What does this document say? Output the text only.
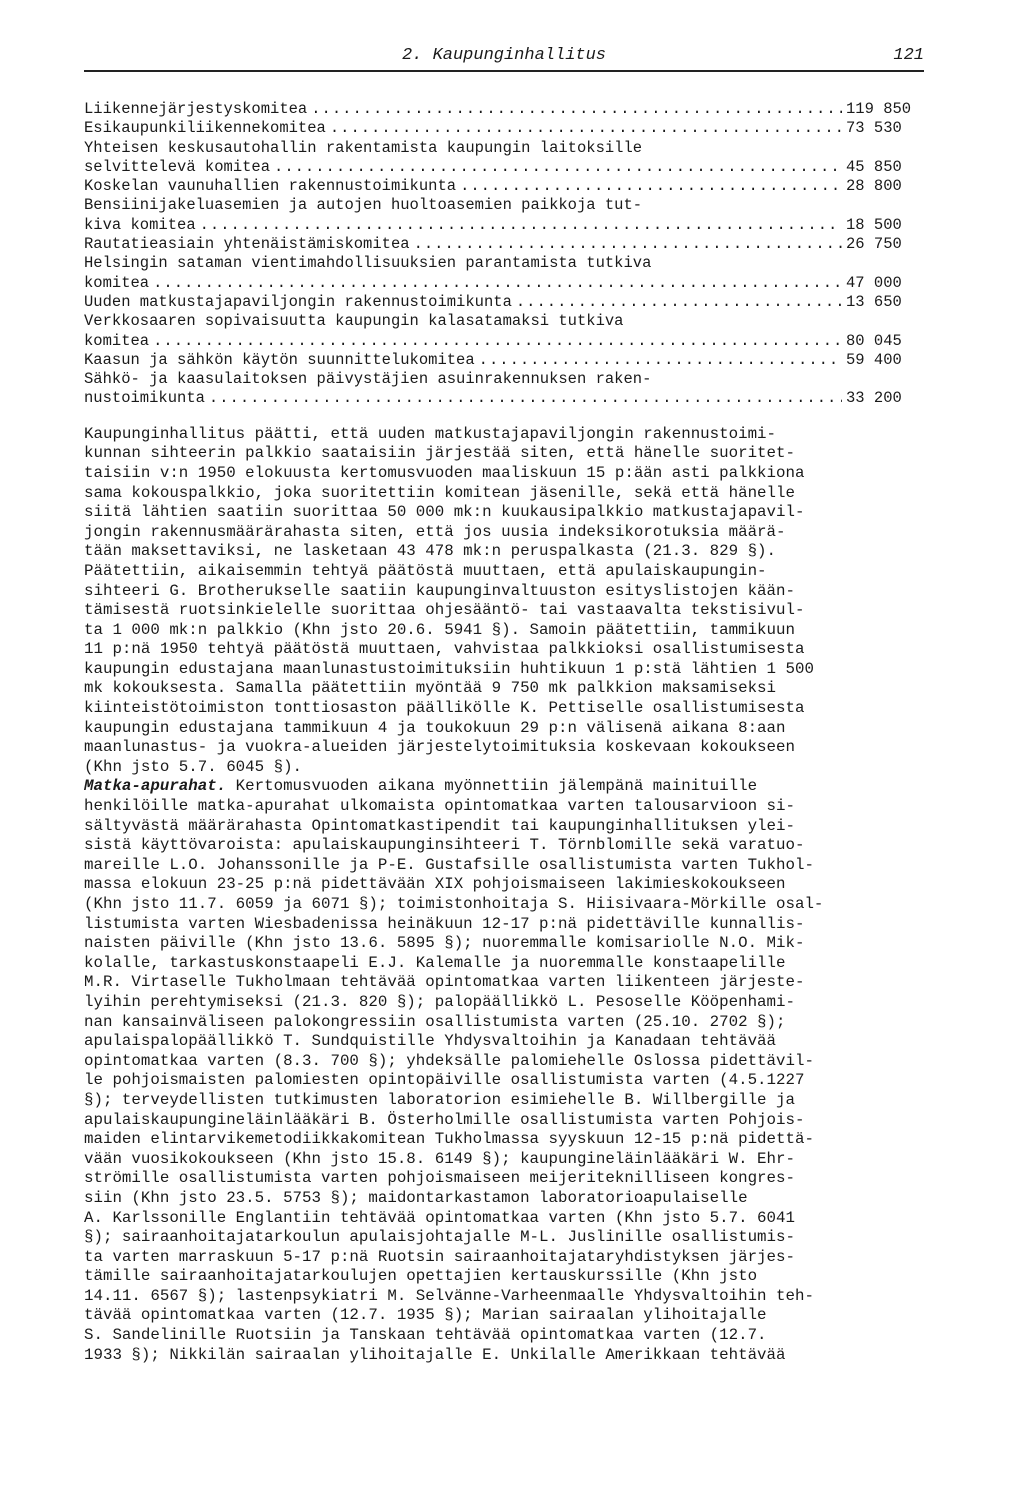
2. Kaupunginhallitus	121
Liikennejärjestyskomitea .....	119 850
Esikaupunkiliikennekomitea .....	73 530
Yhteisen keskusautohallin rakentamista kaupungin laitoksille
selvittelevä komitea .....	45 850
Koskelan vaunuhallien rakennustoimikunta .....	28 800
Bensiinijakeluasemien ja autojen huoltoasemien paikkoja tut-
kiva komitea .....	18 500
Rautatieasiain yhtenäistämiskomitea .....	26 750
Helsingin sataman vientimahdollisuuksien parantamista tutkiva
komitea .....	47 000
Uuden matkustajapaviljongin rakennustoimikunta .....	13 650
Verkkosaaren sopivaisuutta kaupungin kalasatamaksi tutkiva
komitea .....	80 045
Kaasun ja sähkön käytön suunnittelukomitea .....	59 400
Sähkö- ja kaasulaitoksen päivystäjien asuinrakennuksen raken-
nustoimikunta .....	33 200
Kaupunginhallitus päätti, että uuden matkustajapaviljongin rakennustoimi-
kunnan sihteerin palkkio saataisiin järjestää siten, että hänelle suoritet-
taisiin v:n 1950 elokuusta kertomusvuoden maaliskuun 15 p:ään asti palkkiona
sama kokouspalkkio, joka suoritettiin komitean jäsenille, sekä että hänelle
siitä lähtien saatiin suorittaa 50 000 mk:n kuukausipalkkio matkustajapavil-
jongin rakennusmäärärahasta siten, että jos uusia indeksikorotuksia määrä-
tään maksettaviksi, ne lasketaan 43 478 mk:n peruspalkasta (21.3. 829 §).
Päätettiin, aikaisemmin tehtyä päätöstä muuttaen, että apulaiskaupungin-
sihteeri G. Brotherukselle saatiin kaupunginvaltuuston esityslistojen kään-
tämisestä ruotsinkielelle suorittaa ohjesääntö- tai vastaavalta tekstisivul-
ta 1 000 mk:n palkkio (Khn jsto 20.6. 5941 §). Samoin päätettiin, tammikuun
11 p:nä 1950 tehtyä päätöstä muuttaen, vahvistaa palkkioksi osallistumisesta
kaupungin edustajana maanlunastustoimituksiin huhtikuun 1 p:stä lähtien 1 500
mk kokouksesta. Samalla päätettiin myöntää 9 750 mk palkkion maksamiseksi
kiinteistötoimiston tonttiosaston päällikölle K. Pettiselle osallistumisesta
kaupungin edustajana tammikuun 4 ja toukokuun 29 p:n välisenä aikana 8:aan
maanlunastus- ja vuokra-alueiden järjestelytoimituksia koskevaan kokoukseen
(Khn jsto 5.7. 6045 §).
Matka-apurahat. Kertomusvuoden aikana myönnettiin jälempänä mainituille
henkilöille matka-apurahat ulkomaista opintomatkaa varten talousarvioon si-
sältyvästä määrärahasta Opintomatkastipendit tai kaupunginhallituksen ylei-
sistä käyttövaroista: apulaiskaupunginsihteeri T. Törnblomille sekä varatuo-
mareille L.O. Johanssonille ja P-E. Gustafsille osallistumista varten Tukhol-
massa elokuun 23-25 p:nä pidettävään XIX pohjoismaiseen lakimieskokoukseen
(Khn jsto 11.7. 6059 ja 6071 §); toimistonhoitaja S. Hiisivaara-Mörkille osal-
listumista varten Wiesbadenissa heinäkuun 12-17 p:nä pidettäville kunnallis-
naisten päiville (Khn jsto 13.6. 5895 §); nuoremmalle komisariolle N.O. Mik-
kolalle, tarkastuskonstaapeli E.J. Kalemalle ja nuoremmalle konstaapelille
M.R. Virtaselle Tukholmaan tehtävää opintomatkaa varten liikenteen järjeste-
lyihin perehtymiseksi (21.3. 820 §); palopäällikkö L. Pesoselle Kööpenhami-
nan kansainväliseen palokongressiin osallistumista varten (25.10. 2702 §);
apulaispalopäällikkö T. Sundquistille Yhdysvaltoihin ja Kanadaan tehtävää
opintomatkaa varten (8.3. 700 §); yhdeksälle palomiehelle Oslossa pidettävil-
le pohjoismaisten palomiesten opintopäiville osallistumista varten (4.5.1227
§); terveydellisten tutkimusten laboratorion esimiehelle B. Willbergille ja
apulaiskaupungineläinlääkäri B. Österholmille osallistumista varten Pohjois-
maiden elintarvikemetodiikkakomitean Tukholmassa syyskuun 12-15 p:nä pidettä-
vään vuosikokoukseen (Khn jsto 15.8. 6149 §); kaupungineläinlääkäri W. Ehr-
strömille osallistumista varten pohjoismaiseen meijeriteknilliseen kongres-
siin (Khn jsto 23.5. 5753 §); maidontarkastamon laboratorioapulaiselle
A. Karlssonille Englantiin tehtävää opintomatkaa varten (Khn jsto 5.7. 6041
§); sairaanhoitajatarkoulun apulaisjohtajalle M-L. Juslinille osallistumis-
ta varten marraskuun 5-17 p:nä Ruotsin sairaanhoitajataryhdistyksen järjes-
tämille sairaanhoitajatarkoulujen opettajien kertauskurssille (Khn jsto
14.11. 6567 §); lastenpsykiatri M. Selvänne-Varheenmaalle Yhdysvaltoihin teh-
tävää opintomatkaa varten (12.7. 1935 §); Marian sairaalan ylihoitajalle
S. Sandelinille Ruotsiin ja Tanskaan tehtävää opintomatkaa varten (12.7.
1933 §); Nikkilän sairaalan ylihoitajalle E. Unkilalle Amerikkaan tehtävää
